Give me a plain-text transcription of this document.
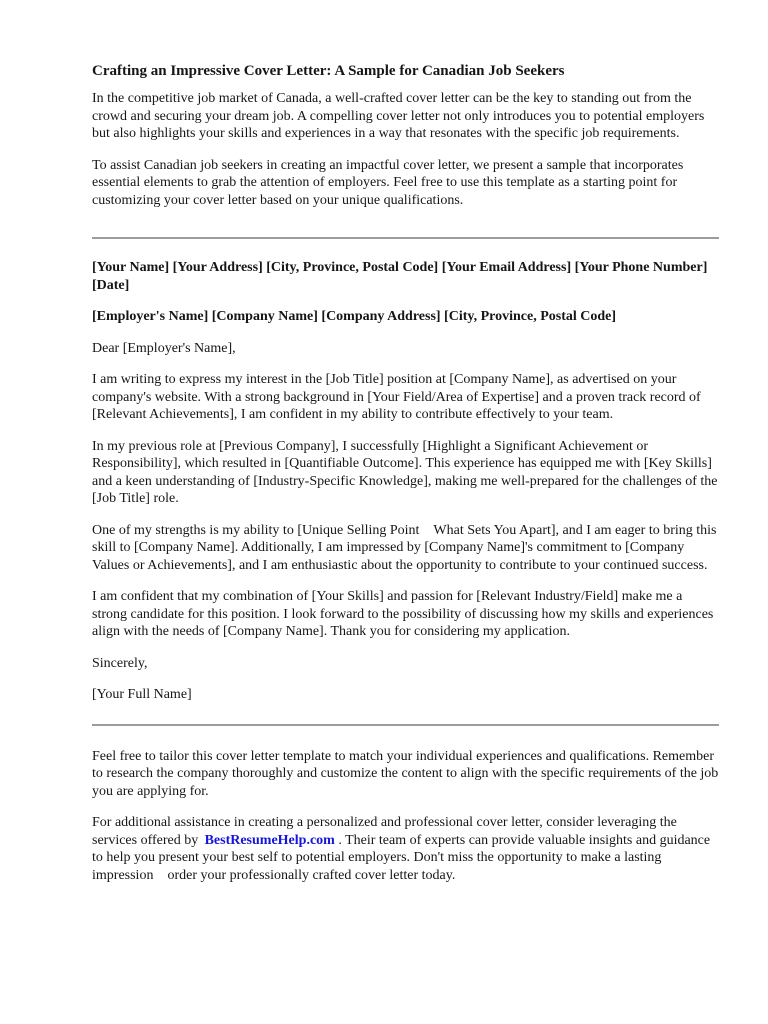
Crafting an Impressive Cover Letter: A Sample for Canadian Job Seekers

In the competitive job market of Canada, a well-crafted cover letter can be the key to standing out from the crowd and securing your dream job. A compelling cover letter not only introduces you to potential employers but also highlights your skills and experiences in a way that resonates with the specific job requirements.

To assist Canadian job seekers in creating an impactful cover letter, we present a sample that incorporates essential elements to grab the attention of employers. Feel free to use this template as a starting point for customizing your cover letter based on your unique qualifications.

[Your Name] [Your Address] [City, Province, Postal Code] [Your Email Address] [Your Phone Number] [Date]

[Employer's Name] [Company Name] [Company Address] [City, Province, Postal Code]

Dear [Employer's Name],

I am writing to express my interest in the [Job Title] position at [Company Name], as advertised on your company's website. With a strong background in [Your Field/Area of Expertise] and a proven track record of [Relevant Achievements], I am confident in my ability to contribute effectively to your team.

In my previous role at [Previous Company], I successfully [Highlight a Significant Achievement or Responsibility], which resulted in [Quantifiable Outcome]. This experience has equipped me with [Key Skills] and a keen understanding of [Industry-Specific Knowledge], making me well-prepared for the challenges of the [Job Title] role.

One of my strengths is my ability to [Unique Selling Point What Sets You Apart], and I am eager to bring this skill to [Company Name]. Additionally, I am impressed by [Company Name]'s commitment to [Company Values or Achievements], and I am enthusiastic about the opportunity to contribute to your continued success.

I am confident that my combination of [Your Skills] and passion for [Relevant Industry/Field] make me a strong candidate for this position. I look forward to the possibility of discussing how my skills and experiences align with the needs of [Company Name]. Thank you for considering my application.

Sincerely,

[Your Full Name]

Feel free to tailor this cover letter template to match your individual experiences and qualifications. Remember to research the company thoroughly and customize the content to align with the specific requirements of the job you are applying for.

For additional assistance in creating a personalized and professional cover letter, consider leveraging the services offered by  BestResumeHelp.com . Their team of experts can provide valuable insights and guidance to help you present your best self to potential employers. Don't miss the opportunity to make a lasting impression order your professionally crafted cover letter today.
